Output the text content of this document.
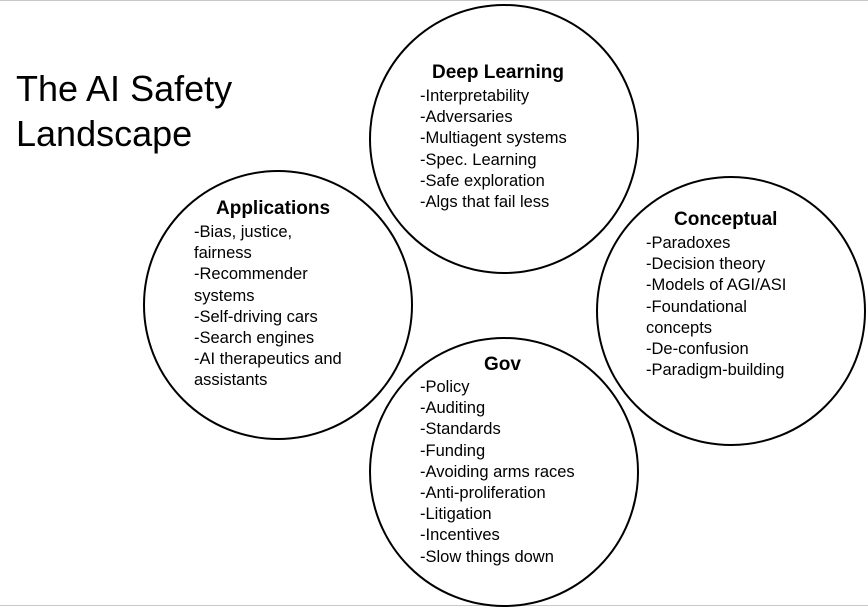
The AI Safety
Landscape
Deep Learning
-Interpretability
-Adversaries
-Multiagent systems
-Spec. Learning
-Safe exploration
-Algs that fail less
Applications
-Bias, justice,
fairness
-Recommender
systems
-Self-driving cars
-Search engines
-AI therapeutics and
assistants
Conceptual
-Paradoxes
-Decision theory
-Models of AGI/ASI
-Foundational
concepts
-De-confusion
-Paradigm-building
Gov
-Policy
-Auditing
-Standards
-Funding
-Avoiding arms races
-Anti-proliferation
-Litigation
-Incentives
-Slow things down
